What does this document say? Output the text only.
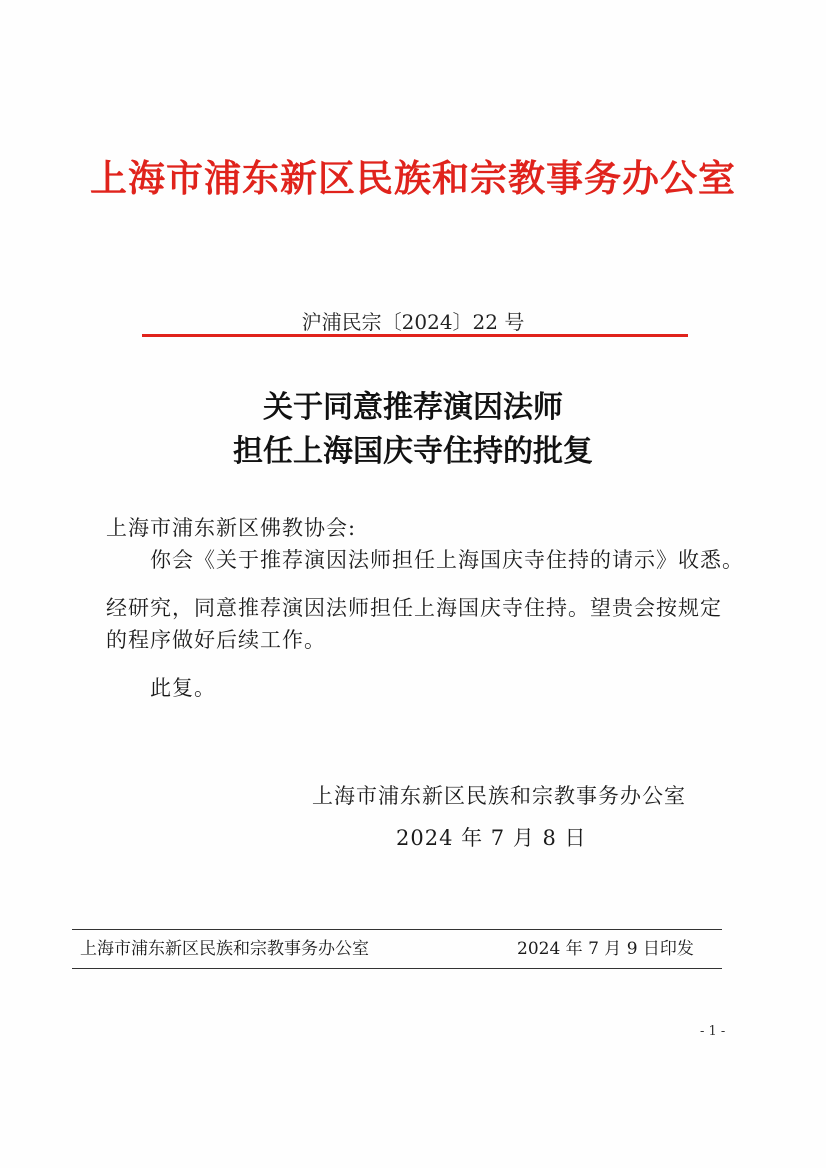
上海市浦东新区民族和宗教事务办公室
沪浦民宗〔2024〕22 号
关于同意推荐演因法师
担任上海国庆寺住持的批复
上海市浦东新区佛教协会:
你会《关于推荐演因法师担任上海国庆寺住持的请示》收悉。
经研究，同意推荐演因法师担任上海国庆寺住持。望贵会按规定
的程序做好后续工作。
此复。
上海市浦东新区民族和宗教事务办公室
2024 年 7 月 8 日
上海市浦东新区民族和宗教事务办公室	2024 年 7 月 9 日印发
- 1 -
